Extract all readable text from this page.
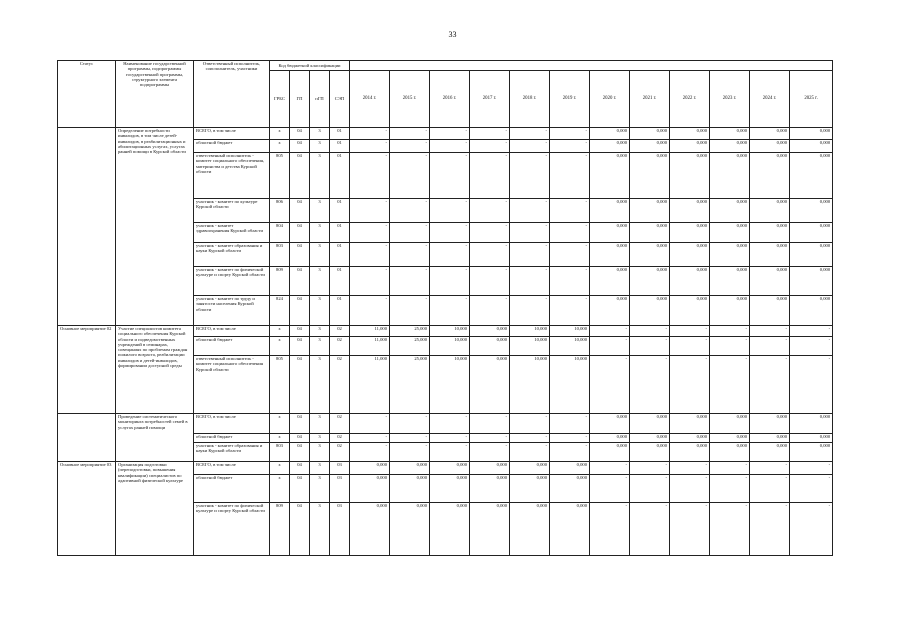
33
Статус	Наименование государственной программы, подпрограммы государственной программы, структурного элемента подпрограммы	Ответственный исполнитель, соисполнитель, участники	Код бюджетной классификации															
			ГРБС	ГП	пГП	СЭП	2014 г.	2015 г.	2016 г.	2017 г.	2018 г.	2019 г.	2020 г.	2021 г.	2022 г.	2023 г.	2024 г.	2025 г.
	Определение потребности инвалидов, в том числе детей-инвалидов, в реабилитационных и абилитационных услугах, услугах ранней помощи в Курской области	ВСЕГО, в том числе	х	04	3	01	-	-	-	-	-	-	0,000	0,000	0,000	0,000	0,000	0,000
		областной бюджет	х	04	3	01	-	-	-	-	-	-	0,000	0,000	0,000	0,000	0,000	0,000
		ответственный исполнитель - комитет социального обеспечения, материнства и детства Курской области	805	04	3	01	-	-	-	-	-	-	0,000	0,000	0,000	0,000	0,000	0,000
		участник - комитет по культуре Курской области	806	04	3	01	-	-	-	-	-	-	0,000	0,000	0,000	0,000	0,000	0,000
		участник - комитет здравоохранения Курской области	804	04	3	01	-	-	-	-	-	-	0,000	0,000	0,000	0,000	0,000	0,000
		участник - комитет образования и науки Курской области	803	04	3	01	-	-	-	-	-	-	0,000	0,000	0,000	0,000	0,000	0,000
		участник - комитет по физической культуре и спорту Курской области	809	04	3	01	-	-	-	-	-	-	0,000	0,000	0,000	0,000	0,000	0,000
		участник - комитет по труду и занятости населения Курской области	824	04	3	01	-	-	-	-	-	-	0,000	0,000	0,000	0,000	0,000	0,000
Основное мероприятие 02	Участие специалистов комитета социального обеспечения Курской области и подведомственных учреждений в семинарах, совещаниях по проблемам граждан пожилого возраста, реабилитации инвалидов и детей-инвалидов, формировании доступной среды	ВСЕГО, в том числе	х	04	3	02	11,000	25,000	10,000	0,000	10,000	10,000	-	-	-	-	-	-
		областной бюджет	х	04	3	02	11,000	25,000	10,000	0,000	10,000	10,000	-	-	-	-	-	-
		ответственный исполнитель - комитет социального обеспечения Курской области	805	04	3	02	11,000	25,000	10,000	0,000	10,000	10,000	-	-	-	-	-	-
	Проведение систематического мониторинга потребностей семей в услугах ранней помощи	ВСЕГО, в том числе	х	04	3	02	-	-	-	-	-	-	0,000	0,000	0,000	0,000	0,000	0,000
		областной бюджет	х	04	3	02	-	-	-	-	-	-	0,000	0,000	0,000	0,000	0,000	0,000
		участник - комитет образования и науки Курской области	803	04	3	02	-	-	-	-	-	-	0,000	0,000	0,000	0,000	0,000	0,000
Основное мероприятие 03	Организация подготовки (переподготовки, повышения квалификации) специалистов по адаптивной физической культуре	ВСЕГО, в том числе	х	04	3	03	0,000	0,000	0,000	0,000	0,000	0,000	-	-	-	-	-	-
		областной бюджет	х	04	3	03	0,000	0,000	0,000	0,000	0,000	0,000	-	-	-	-	-	-
		участник - комитет по физической культуре и спорту Курской области	809	04	3	03	0,000	0,000	0,000	0,000	0,000	0,000	-	-	-	-	-	-
